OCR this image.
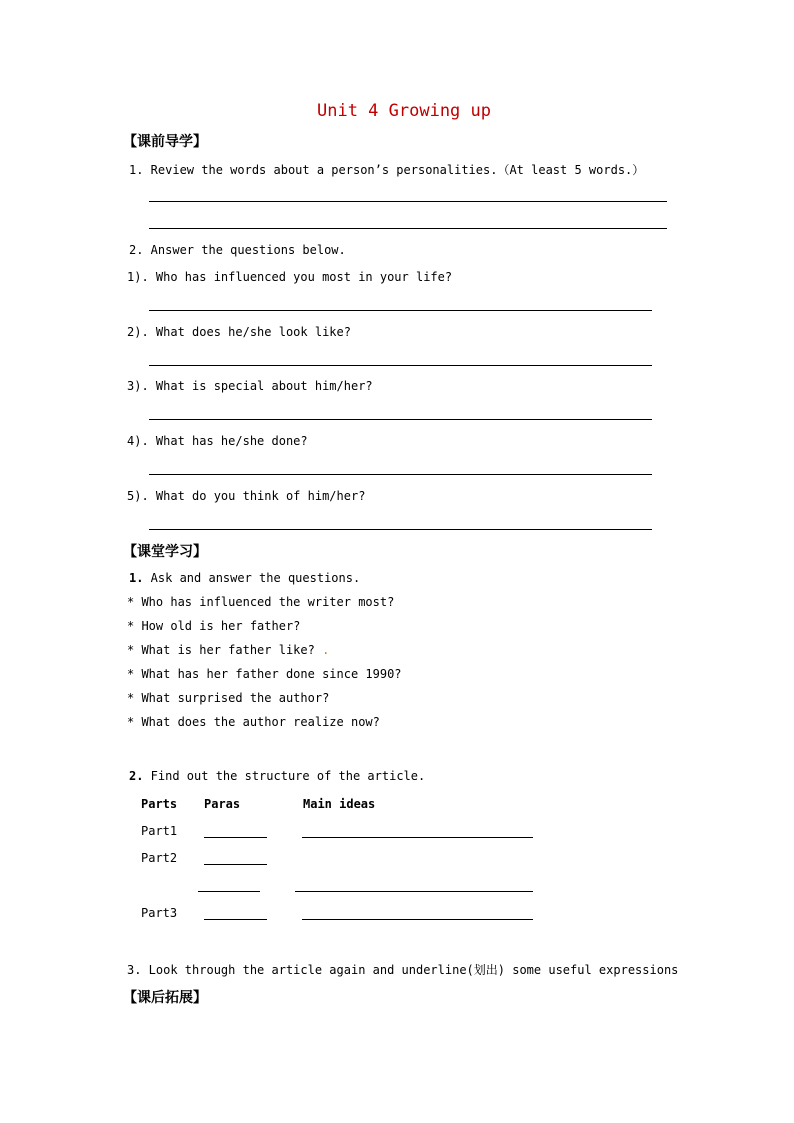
Unit 4 Growing up
【课前导学】
1. Review the words about a person’s personalities.（At least 5 words.）
2. Answer the questions below.
1). Who has influenced you most in your life?
2). What does he/she look like?
3). What is special about him/her?
4). What has he/she done?
5). What do you think of him/her?
【课堂学习】
1. Ask and answer the questions.
* Who has influenced the writer most?
* How old is her father?
* What is her father like? .
* What has her father done since 1990?
* What surprised the author?
* What does the author realize now?
2. Find out the structure of the article.
Parts Paras	Main ideas
Part1
Part2
Part3
3. Look through the article again and underline(划出) some useful expressions
【课后拓展】
